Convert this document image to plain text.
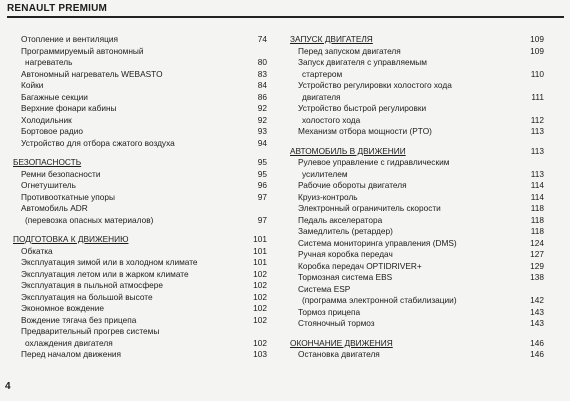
RENAULT PREMIUM
Отопление и вентиляция	74
Программируемый автономный
нагреватель	80
Автономный нагреватель WEBASTO	83
Койки	84
Багажные секции	86
Верхние фонари кабины	92
Холодильник	92
Бортовое радио	93
Устройство для отбора сжатого воздуха	94
БЕЗОПАСНОСТЬ	95
Ремни безопасности	95
Огнетушитель	96
Противооткатные упоры	97
Автомобиль ADR
(перевозка опасных материалов)	97
ПОДГОТОВКА К ДВИЖЕНИЮ	101
Обкатка	101
Эксплуатация зимой или в холодном климате	101
Эксплуатация летом или в жарком климате	102
Эксплуатация в пыльной атмосфере	102
Эксплуатация на большой высоте	102
Экономное вождение	102
Вождение тягача без прицепа	102
Предварительный прогрев системы
охлаждения двигателя	102
Перед началом движения	103
ЗАПУСК ДВИГАТЕЛЯ	109
Перед запуском двигателя	109
Запуск двигателя с управляемым
стартером	110
Устройство регулировки холостого хода
двигателя	111
Устройство быстрой регулировки
холостого хода	112
Механизм отбора мощности (PTO)	113
АВТОМОБИЛЬ В ДВИЖЕНИИ	113
Рулевое управление с гидравлическим
усилителем	113
Рабочие обороты двигателя	114
Круиз-контроль	114
Электронный ограничитель скорости	118
Педаль акселератора	118
Замедлитель (ретардер)	118
Система мониторинга управления (DMS)	124
Ручная коробка передач	127
Коробка передач OPTIDRIVER+	129
Тормозная система EBS	138
Система ESP
(программа электронной стабилизации)	142
Тормоз прицепа	143
Стояночный тормоз	143
ОКОНЧАНИЕ ДВИЖЕНИЯ	146
Остановка двигателя	146
4
